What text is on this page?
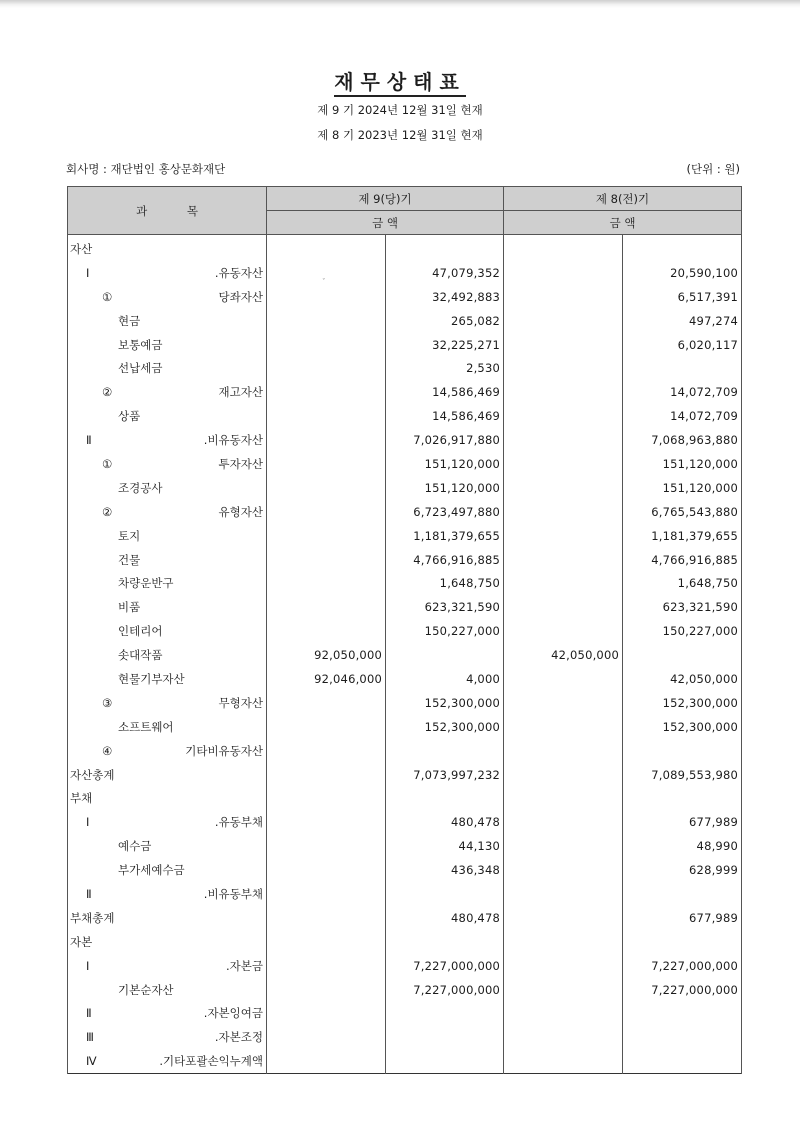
재무상태표
제 9 기 2024년 12월 31일 현재
제 8 기 2023년 12월 31일 현재
회사명 : 재단법인 홍상문화재단	(단위 : 원)
ˇ
과 목	제 9(당)기		제 8(전)기	
	금 액		금 액	
자산				
Ⅰ.유동자산		47,079,352		20,590,100
①당좌자산		32,492,883		6,517,391
현금		265,082		497,274
보통예금		32,225,271		6,020,117
선납세금		2,530		
②재고자산		14,586,469		14,072,709
상품		14,586,469		14,072,709
Ⅱ.비유동자산		7,026,917,880		7,068,963,880
①투자자산		151,120,000		151,120,000
조경공사		151,120,000		151,120,000
②유형자산		6,723,497,880		6,765,543,880
토지		1,181,379,655		1,181,379,655
건물		4,766,916,885		4,766,916,885
차량운반구		1,648,750		1,648,750
비품		623,321,590		623,321,590
인테리어		150,227,000		150,227,000
솟대작품	92,050,000		42,050,000	
현물기부자산	92,046,000	4,000		42,050,000
③무형자산		152,300,000		152,300,000
소프트웨어		152,300,000		152,300,000
④기타비유동자산				
자산총계		7,073,997,232		7,089,553,980
부채				
Ⅰ.유동부채		480,478		677,989
예수금		44,130		48,990
부가세예수금		436,348		628,999
Ⅱ.비유동부채				
부채총계		480,478		677,989
자본				
Ⅰ.자본금		7,227,000,000		7,227,000,000
기본순자산		7,227,000,000		7,227,000,000
Ⅱ.자본잉여금				
Ⅲ.자본조정				
Ⅳ.기타포괄손익누계액				
